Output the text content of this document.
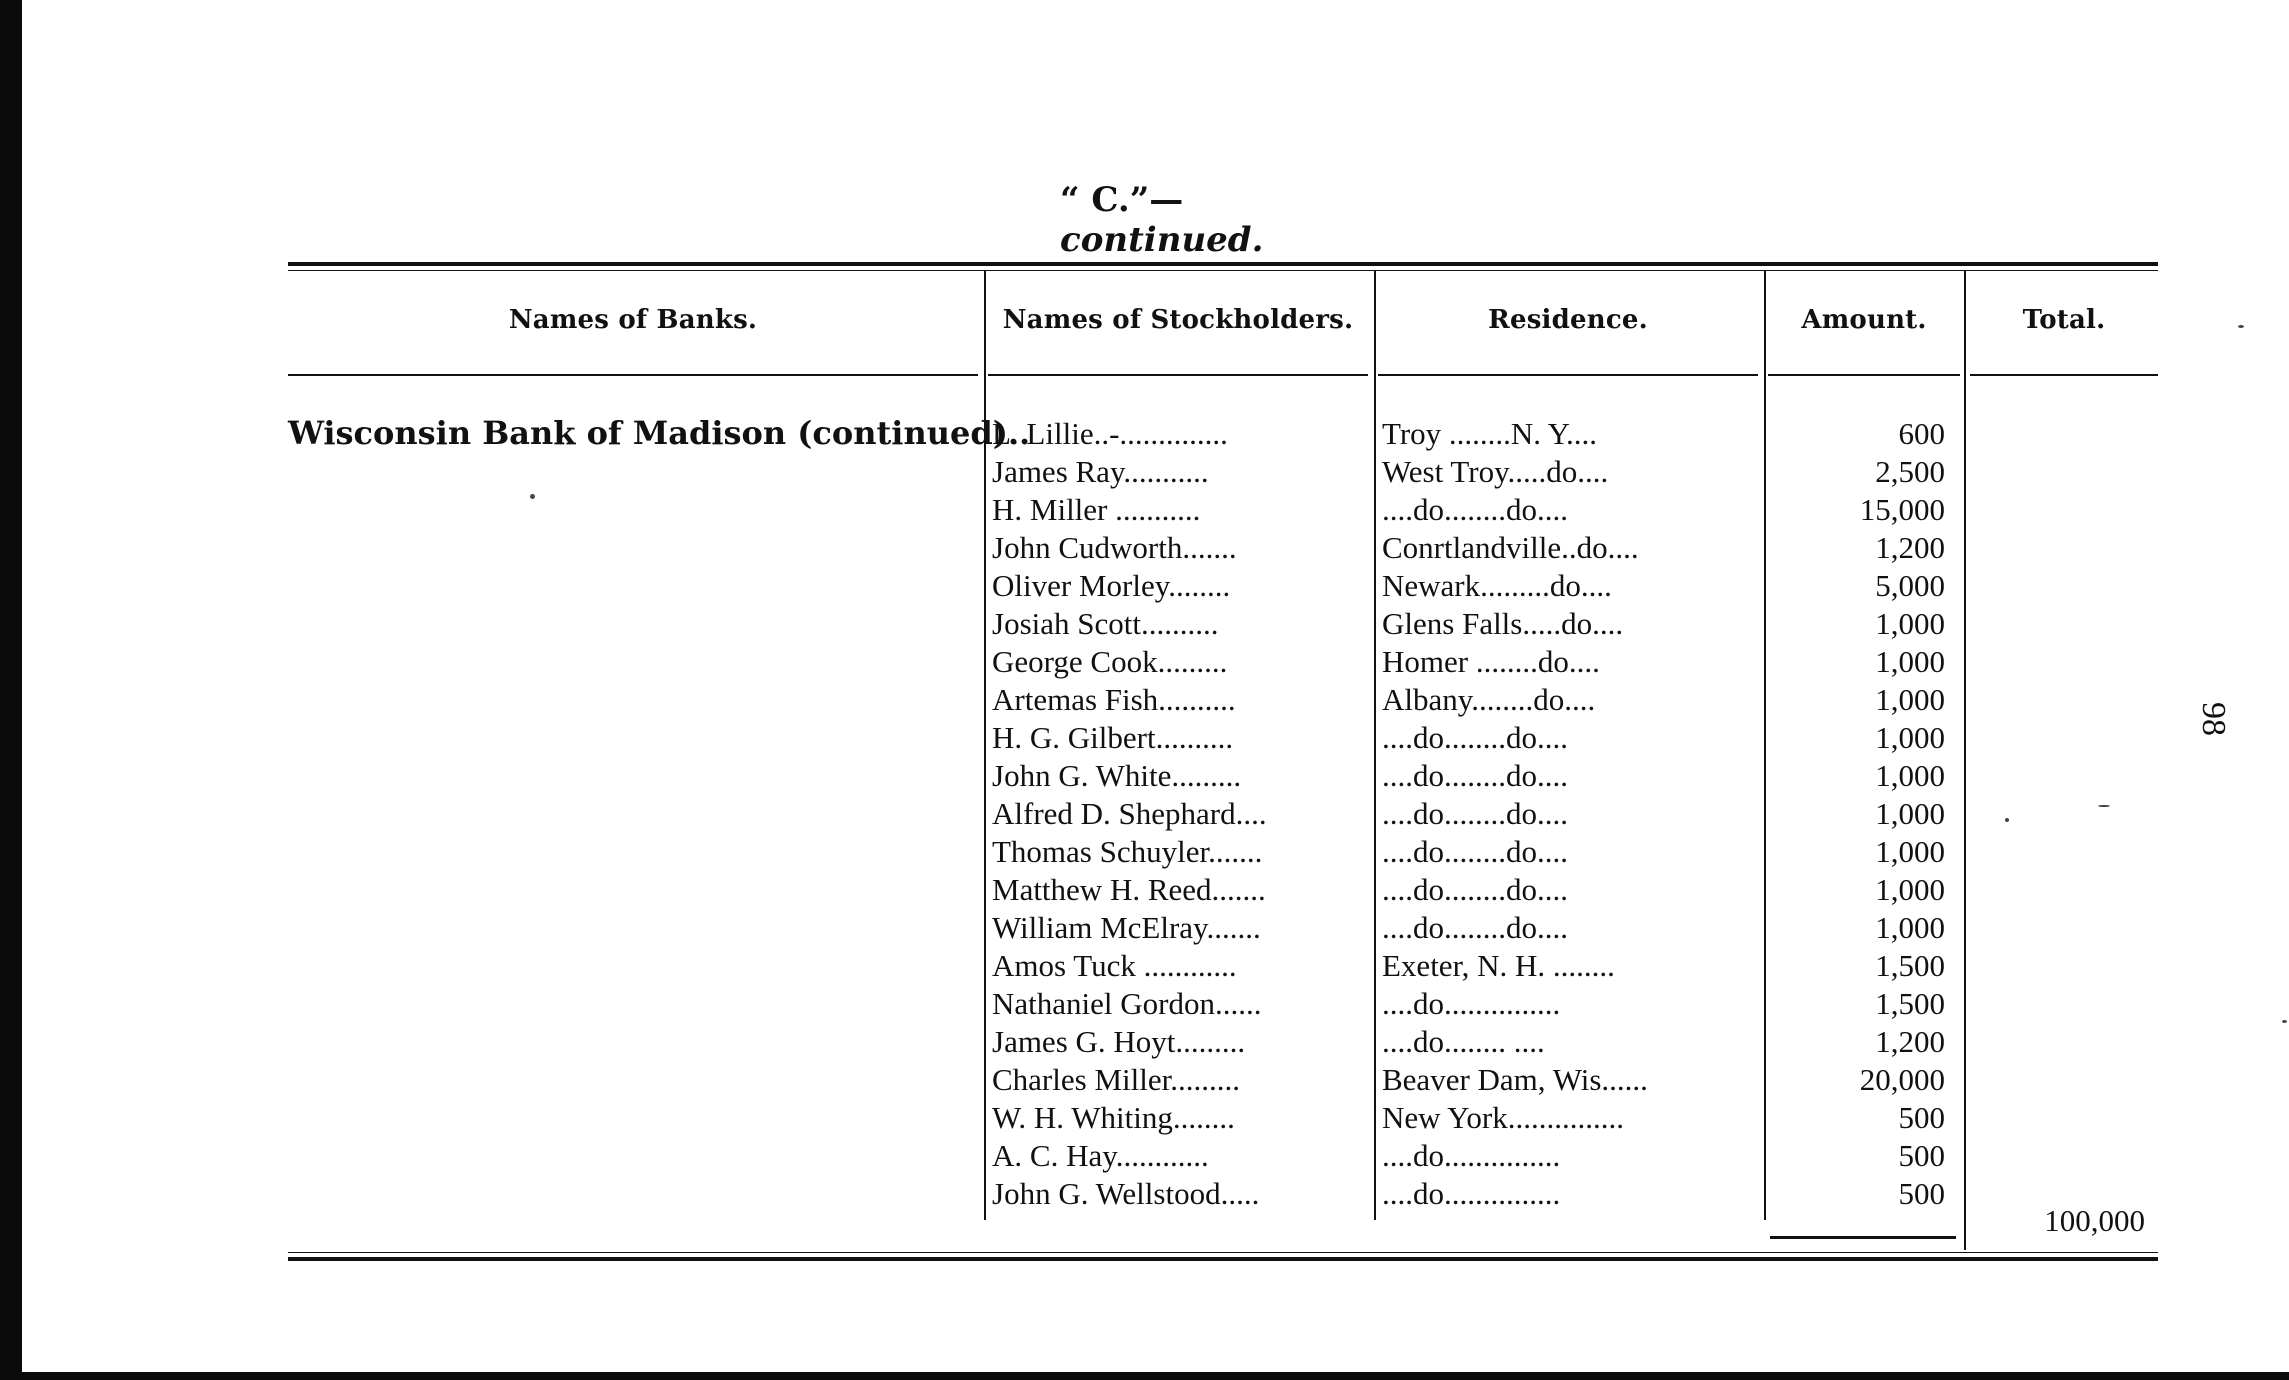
“ C.”—continued.
98
Names of Banks.	Names of Stockholders.	Residence.	Amount.	Total.
Wisconsin Bank of Madison (continued)..
L. Lillie..-..............	Troy ........N. Y....	600
James Ray...........	West Troy.....do....	2,500
H. Miller ...........	....do........do....	15,000
John Cudworth.......	Conrtlandville..do....	1,200
Oliver Morley........	Newark.........do....	5,000
Josiah Scott..........	Glens Falls.....do....	1,000
George Cook.........	Homer ........do....	1,000
Artemas Fish..........	Albany........do....	1,000
H. G. Gilbert..........	....do........do....	1,000
John G. White.........	....do........do....	1,000
Alfred D. Shephard....	....do........do....	1,000
Thomas Schuyler.......	....do........do....	1,000
Matthew H. Reed.......	....do........do....	1,000
William McElray.......	....do........do....	1,000
Amos Tuck ............	Exeter, N. H. ........	1,500
Nathaniel Gordon......	....do...............	1,500
James G. Hoyt.........	....do........ ....	1,200
Charles Miller.........	Beaver Dam, Wis......	20,000
W. H. Whiting........	New York...............	500
A. C. Hay............	....do...............	500
John G. Wellstood.....	....do...............	500
100,000
